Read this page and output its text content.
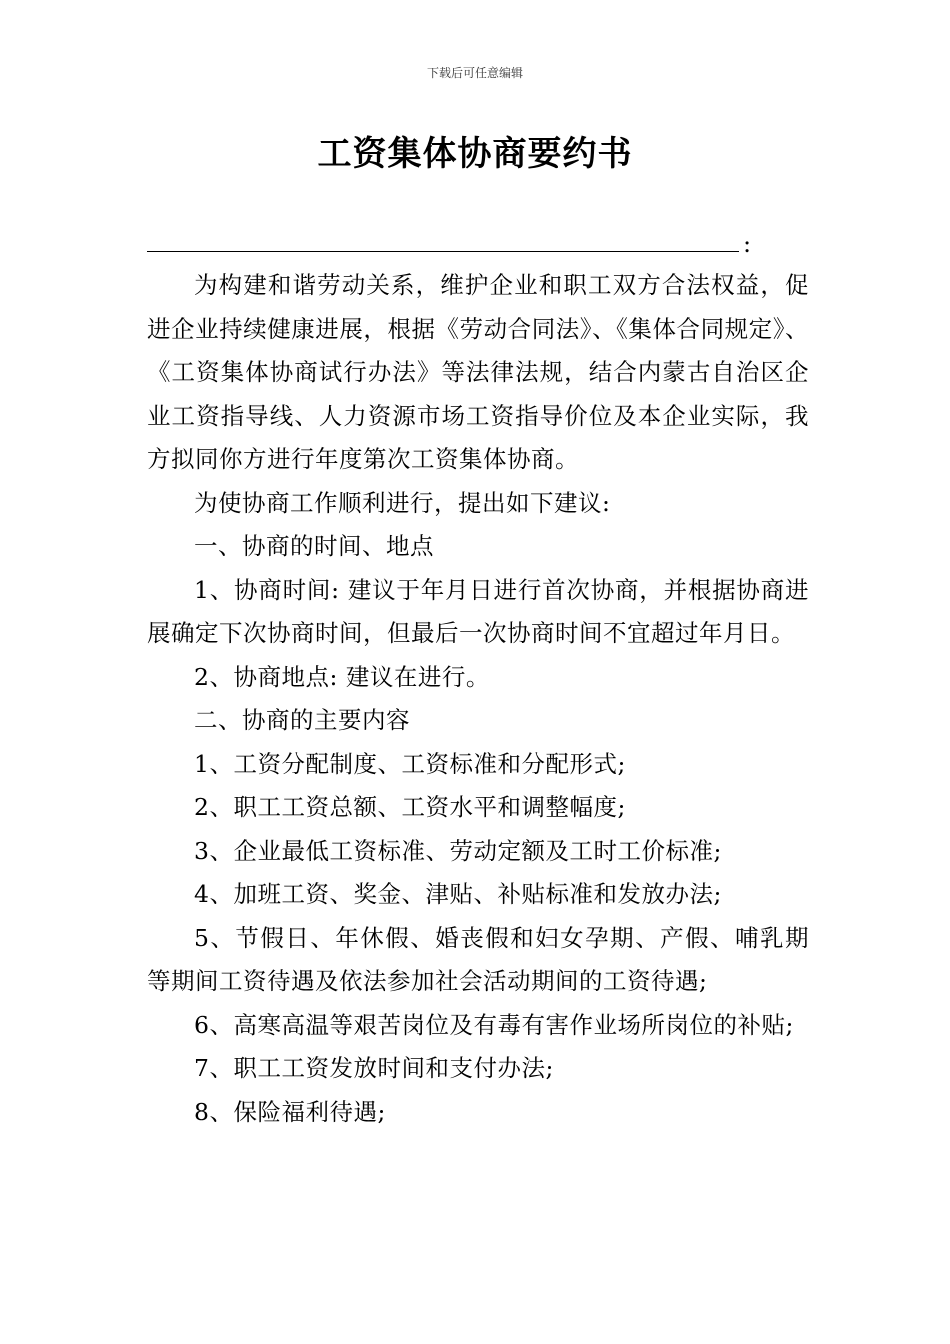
下载后可任意编辑
工资集体协商要约书
:

为构建和谐劳动关系，维护企业和职工双方合法权益，促进企业持续健康进展，根据《劳动合同法》、《集体合同规定》、《工资集体协商试行办法》等法律法规，结合内蒙古自治区企业工资指导线、人力资源市场工资指导价位及本企业实际，我方拟同你方进行年度第次工资集体协商。

为使协商工作顺利进行，提出如下建议:

一、协商的时间、地点

1、协商时间: 建议于年月日进行首次协商，并根据协商进展确定下次协商时间，但最后一次协商时间不宜超过年月日。

2、协商地点: 建议在进行。

二、协商的主要内容

1、工资分配制度、工资标准和分配形式;

2、职工工资总额、工资水平和调整幅度;

3、企业最低工资标准、劳动定额及工时工价标准;

4、加班工资、奖金、津贴、补贴标准和发放办法;

5、节假日、年休假、婚丧假和妇女孕期、产假、哺乳期等期间工资待遇及依法参加社会活动期间的工资待遇;

6、高寒高温等艰苦岗位及有毒有害作业场所岗位的补贴;

7、职工工资发放时间和支付办法;

8、保险福利待遇;
